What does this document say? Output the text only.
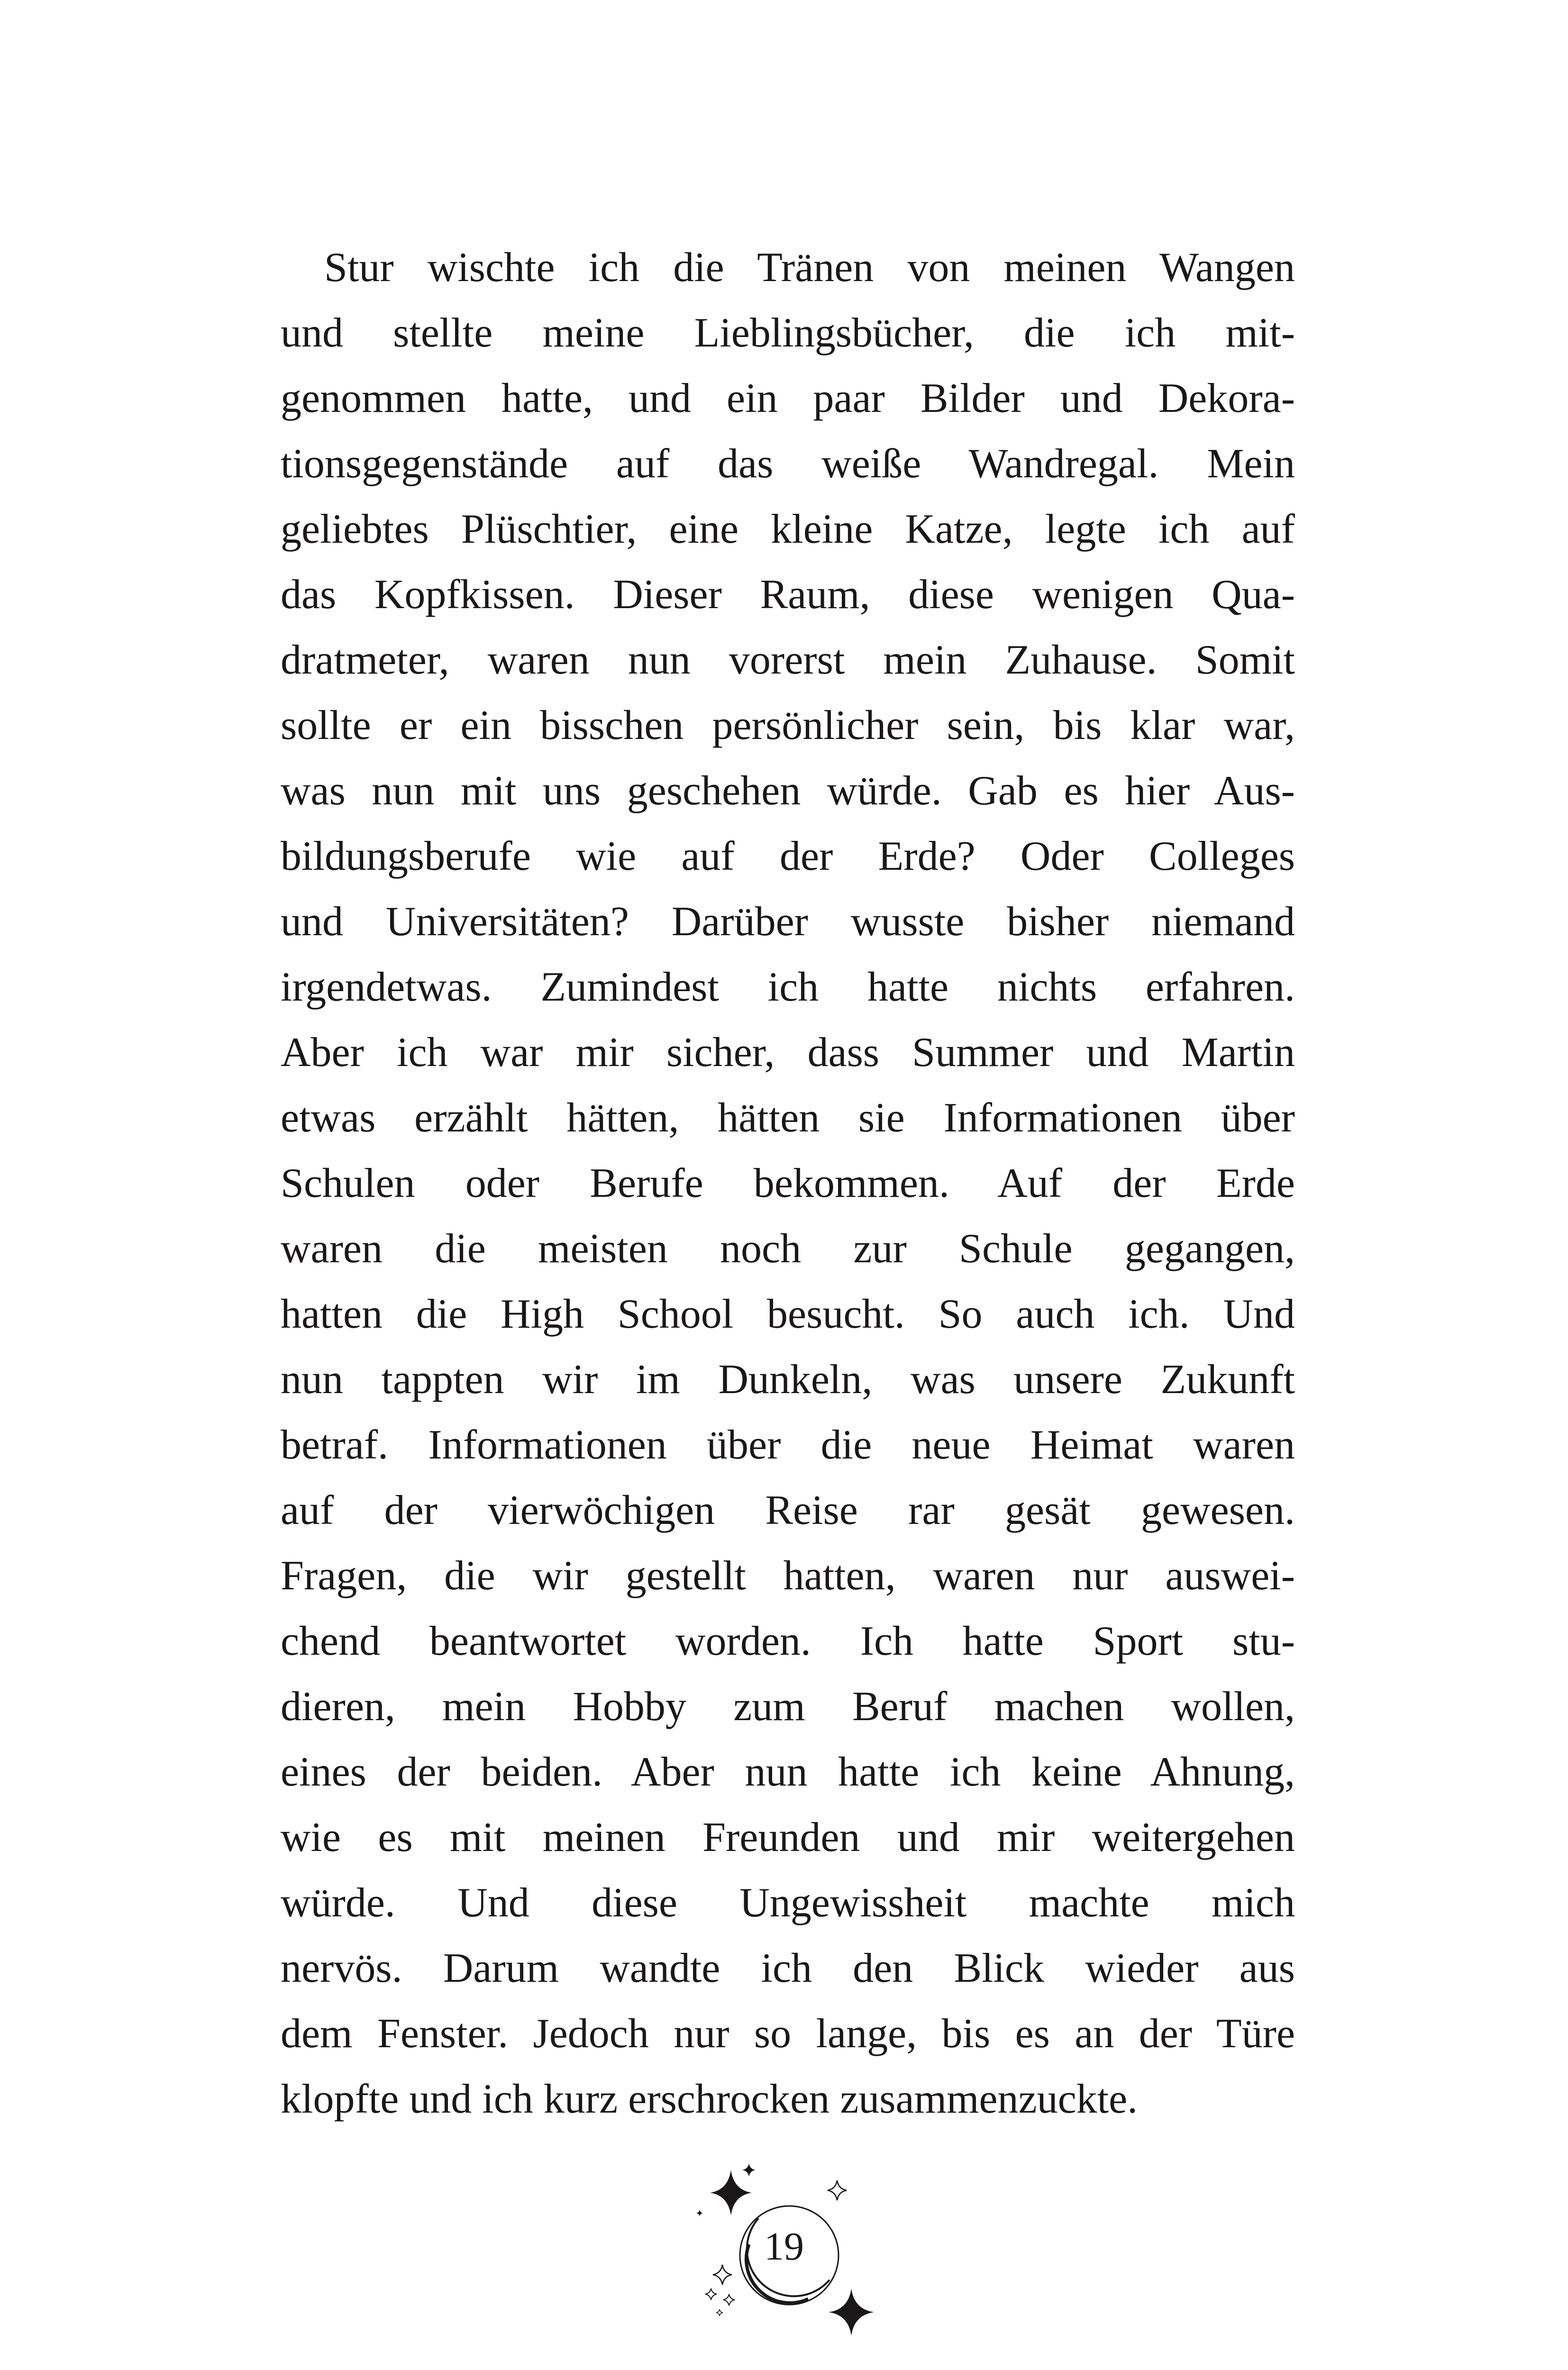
Stur wischte ich die Tränen von meinen Wangen
und stellte meine Lieblingsbücher, die ich mit-
genommen hatte, und ein paar Bilder und Dekora-
tionsgegenstände auf das weiße Wandregal. Mein
geliebtes Plüschtier, eine kleine Katze, legte ich auf
das Kopfkissen. Dieser Raum, diese wenigen Qua-
dratmeter, waren nun vorerst mein Zuhause. Somit
sollte er ein bisschen persönlicher sein, bis klar war,
was nun mit uns geschehen würde. Gab es hier Aus-
bildungsberufe wie auf der Erde? Oder Colleges
und Universitäten? Darüber wusste bisher niemand
irgendetwas. Zumindest ich hatte nichts erfahren.
Aber ich war mir sicher, dass Summer und Martin
etwas erzählt hätten, hätten sie Informationen über
Schulen oder Berufe bekommen. Auf der Erde
waren die meisten noch zur Schule gegangen,
hatten die High School besucht. So auch ich. Und
nun tappten wir im Dunkeln, was unsere Zukunft
betraf. Informationen über die neue Heimat waren
auf der vierwöchigen Reise rar gesät gewesen.
Fragen, die wir gestellt hatten, waren nur auswei-
chend beantwortet worden. Ich hatte Sport stu-
dieren, mein Hobby zum Beruf machen wollen,
eines der beiden. Aber nun hatte ich keine Ahnung,
wie es mit meinen Freunden und mir weitergehen
würde. Und diese Ungewissheit machte mich
nervös. Darum wandte ich den Blick wieder aus
dem Fenster. Jedoch nur so lange, bis es an der Türe
klopfte und ich kurz erschrocken zusammenzuckte.
19
